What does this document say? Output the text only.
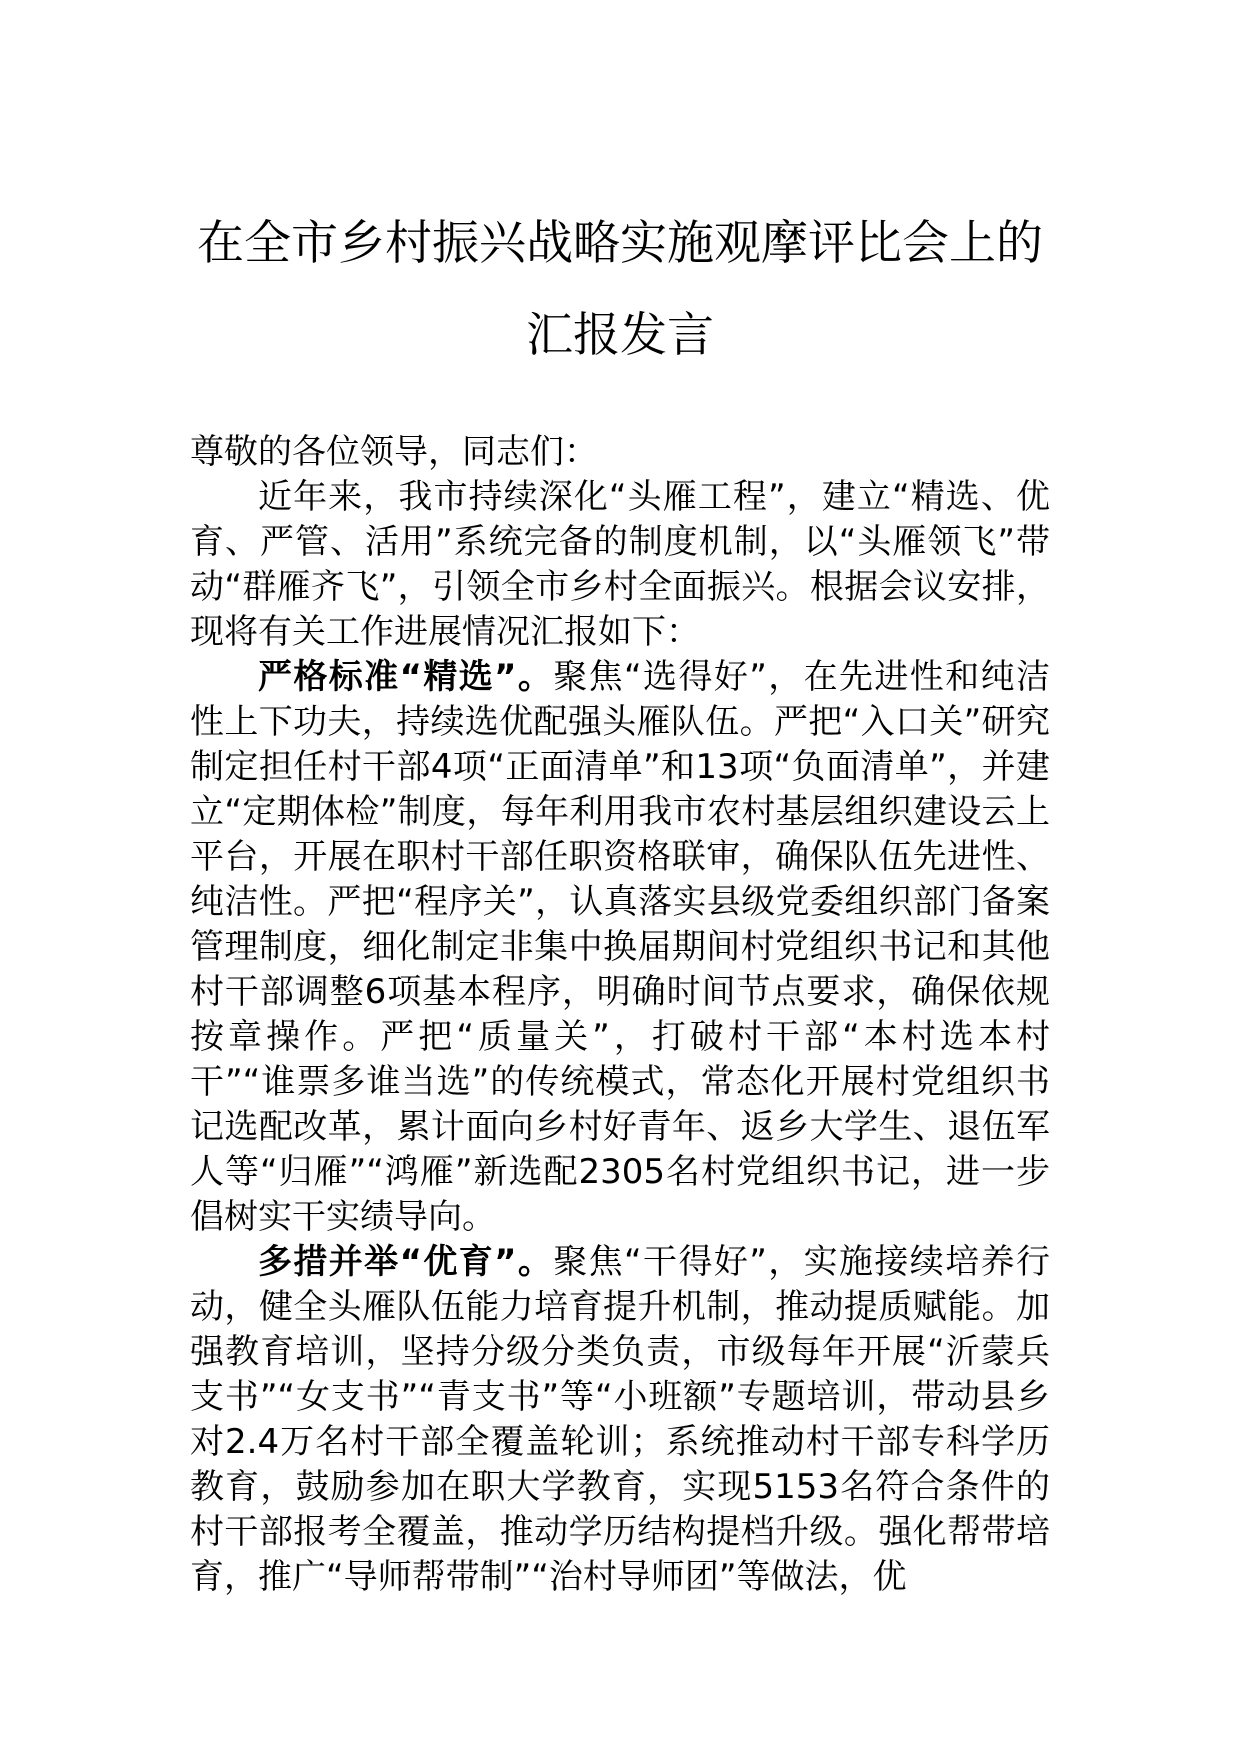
在全市乡村振兴战略实施观摩评比会上的
汇报发言

尊敬的各位领导，同志们：

近年来，我市持续深化“头雁工程”，建立“精选、优育、严管、活用”系统完备的制度机制，以“头雁领飞”带动“群雁齐飞”，引领全市乡村全面振兴。根据会议安排，现将有关工作进展情况汇报如下：

严格标准“精选”。聚焦“选得好”，在先进性和纯洁性上下功夫，持续选优配强头雁队伍。严把“入口关”研究制定担任村干部4项“正面清单”和13项“负面清单”，并建立“定期体检”制度，每年利用我市农村基层组织建设云上平台，开展在职村干部任职资格联审，确保队伍先进性、纯洁性。严把“程序关”，认真落实县级党委组织部门备案管理制度，细化制定非集中换届期间村党组织书记和其他村干部调整6项基本程序，明确时间节点要求，确保依规按章操作。严把“质量关”，打破村干部“本村选本村干”“谁票多谁当选”的传统模式，常态化开展村党组织书记选配改革，累计面向乡村好青年、返乡大学生、退伍军人等“归雁”“鸿雁”新选配2305名村党组织书记，进一步倡树实干实绩导向。

多措并举“优育”。聚焦“干得好”，实施接续培养行动，健全头雁队伍能力培育提升机制，推动提质赋能。加强教育培训，坚持分级分类负责，市级每年开展“沂蒙兵支书”“女支书”“青支书”等“小班额”专题培训，带动县乡对2.4万名村干部全覆盖轮训；系统推动村干部专科学历教育，鼓励参加在职大学教育，实现5153名符合条件的村干部报考全覆盖，推动学历结构提档升级。强化帮带培育，推广“导师帮带制”“治村导师团”等做法，优
